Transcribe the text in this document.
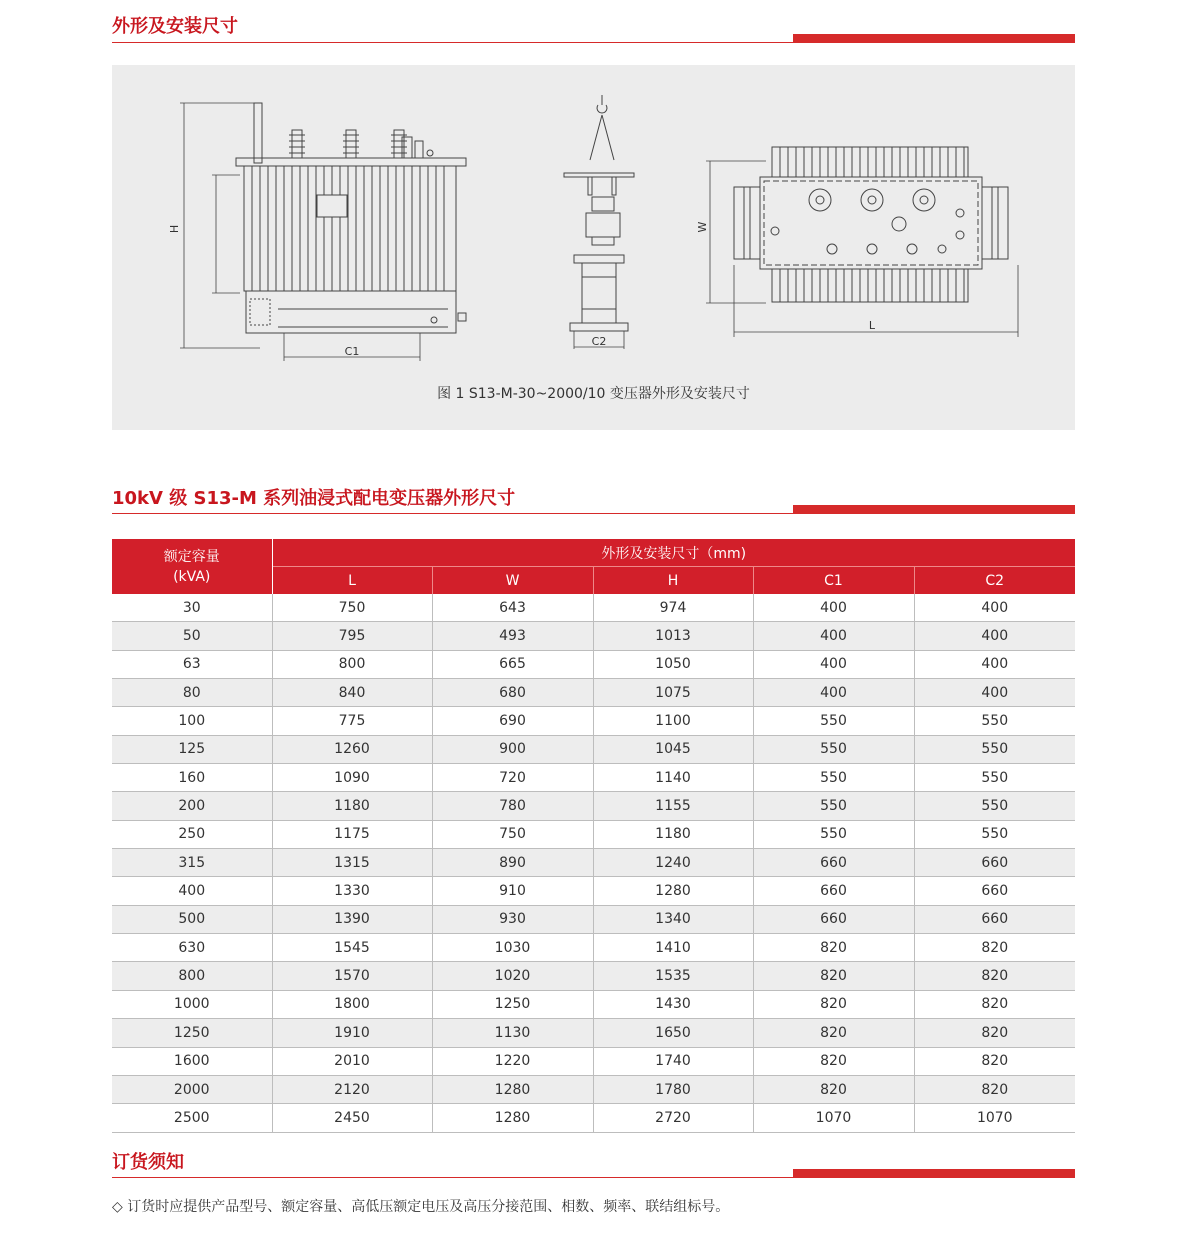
外形及安装尺寸
H
C1
C2
W
L
图 1 S13-M-30~2000/10 变压器外形及安装尺寸
10kV 级 S13-M 系列油浸式配电变压器外形尺寸
额定容量
(kVA)	外形及安装尺寸（mm)				
	L	W	H	C1	C2
30	750	643	974	400	400
50	795	493	1013	400	400
63	800	665	1050	400	400
80	840	680	1075	400	400
100	775	690	1100	550	550
125	1260	900	1045	550	550
160	1090	720	1140	550	550
200	1180	780	1155	550	550
250	1175	750	1180	550	550
315	1315	890	1240	660	660
400	1330	910	1280	660	660
500	1390	930	1340	660	660
630	1545	1030	1410	820	820
800	1570	1020	1535	820	820
1000	1800	1250	1430	820	820
1250	1910	1130	1650	820	820
1600	2010	1220	1740	820	820
2000	2120	1280	1780	820	820
2500	2450	1280	2720	1070	1070
订货须知
◇ 订货时应提供产品型号、额定容量、高低压额定电压及高压分接范围、相数、频率、联结组标号。
